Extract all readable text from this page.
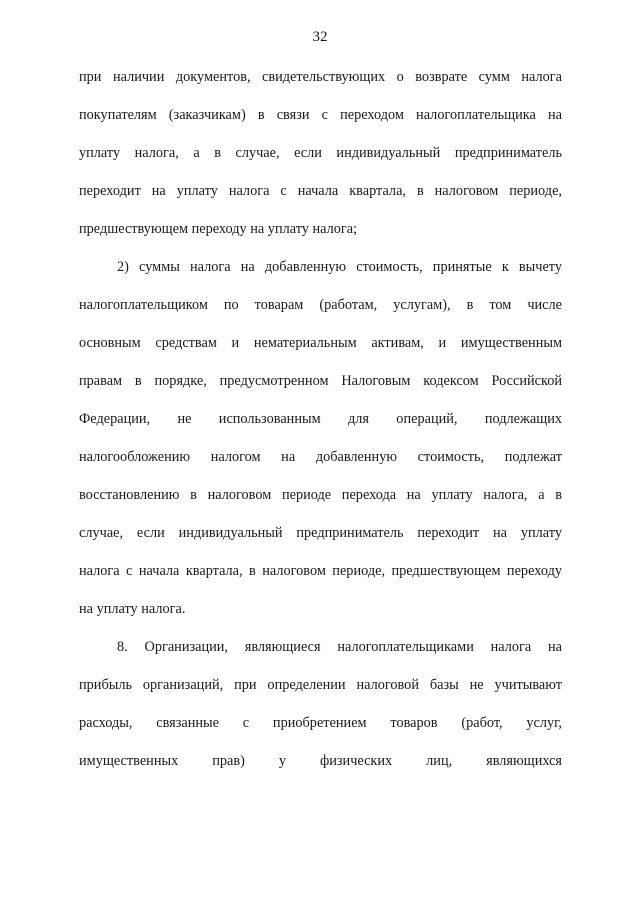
32
при наличии документов, свидетельствующих о возврате сумм налога
покупателям (заказчикам) в связи с переходом налогоплательщика на
уплату налога, а в случае, если индивидуальный предприниматель
переходит на уплату налога с начала квартала, в налоговом периоде,
предшествующем переходу на уплату налога;
2) суммы налога на добавленную стоимость, принятые к вычету
налогоплательщиком по товарам (работам, услугам), в том числе
основным средствам и нематериальным активам, и имущественным
правам в порядке, предусмотренном Налоговым кодексом Российской
Федерации, не использованным для операций, подлежащих
налогообложению налогом на добавленную стоимость, подлежат
восстановлению в налоговом периоде перехода на уплату налога, а в
случае, если индивидуальный предприниматель переходит на уплату
налога с начала квартала, в налоговом периоде, предшествующем переходу
на уплату налога.
8. Организации, являющиеся налогоплательщиками налога на
прибыль организаций, при определении налоговой базы не учитывают
расходы, связанные с приобретением товаров (работ, услуг,
имущественных прав) у физических лиц, являющихся
